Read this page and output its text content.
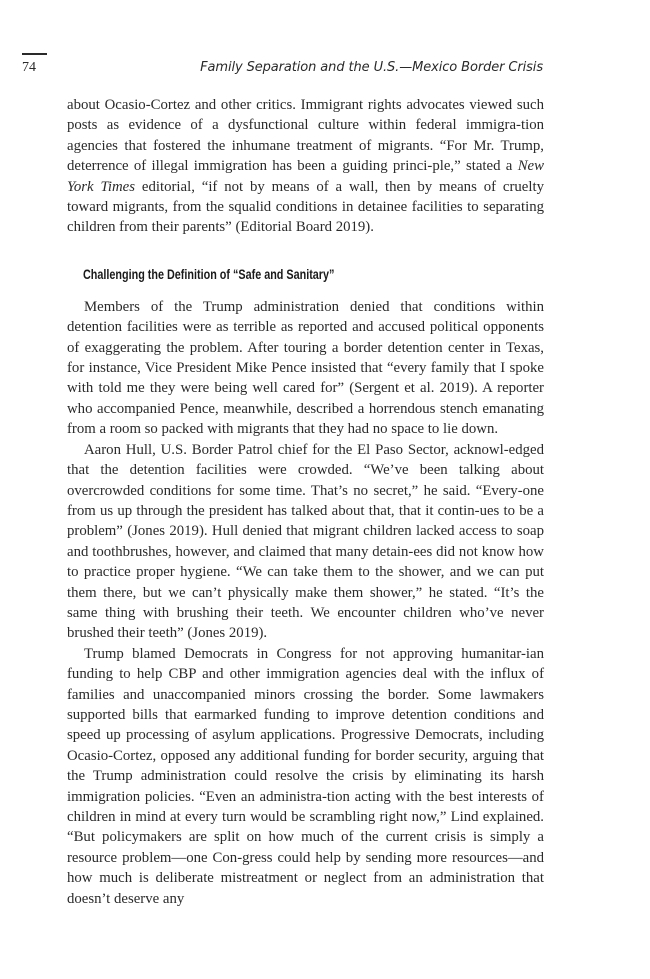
74	Family Separation and the U.S.—Mexico Border Crisis

about Ocasio-Cortez and other critics. Immigrant rights advocates viewed such posts as evidence of a dysfunctional culture within federal immigra-tion agencies that fostered the inhumane treatment of migrants. “For Mr. Trump, deterrence of illegal immigration has been a guiding princi-ple,” stated a New York Times editorial, “if not by means of a wall, then by means of cruelty toward migrants, from the squalid conditions in detainee facilities to separating children from their parents” (Editorial Board 2019).

Challenging the Definition of “Safe and Sanitary”

Members of the Trump administration denied that conditions within detention facilities were as terrible as reported and accused political opponents of exaggerating the problem. After touring a border detention center in Texas, for instance, Vice President Mike Pence insisted that “every family that I spoke with told me they were being well cared for” (Sergent et al. 2019). A reporter who accompanied Pence, meanwhile, described a horrendous stench emanating from a room so packed with migrants that they had no space to lie down.

Aaron Hull, U.S. Border Patrol chief for the El Paso Sector, acknowl-edged that the detention facilities were crowded. “We’ve been talking about overcrowded conditions for some time. That’s no secret,” he said. “Every-one from us up through the president has talked about that, that it contin-ues to be a problem” (Jones 2019). Hull denied that migrant children lacked access to soap and toothbrushes, however, and claimed that many detain-ees did not know how to practice proper hygiene. “We can take them to the shower, and we can put them there, but we can’t physically make them shower,” he stated. “It’s the same thing with brushing their teeth. We encounter children who’ve never brushed their teeth” (Jones 2019).

Trump blamed Democrats in Congress for not approving humanitar-ian funding to help CBP and other immigration agencies deal with the influx of families and unaccompanied minors crossing the border. Some lawmakers supported bills that earmarked funding to improve detention conditions and speed up processing of asylum applications. Progressive Democrats, including Ocasio-Cortez, opposed any additional funding for border security, arguing that the Trump administration could resolve the crisis by eliminating its harsh immigration policies. “Even an administra-tion acting with the best interests of children in mind at every turn would be scrambling right now,” Lind explained. “But policymakers are split on how much of the current crisis is simply a resource problem—one Con-gress could help by sending more resources—and how much is deliberate mistreatment or neglect from an administration that doesn’t deserve any
